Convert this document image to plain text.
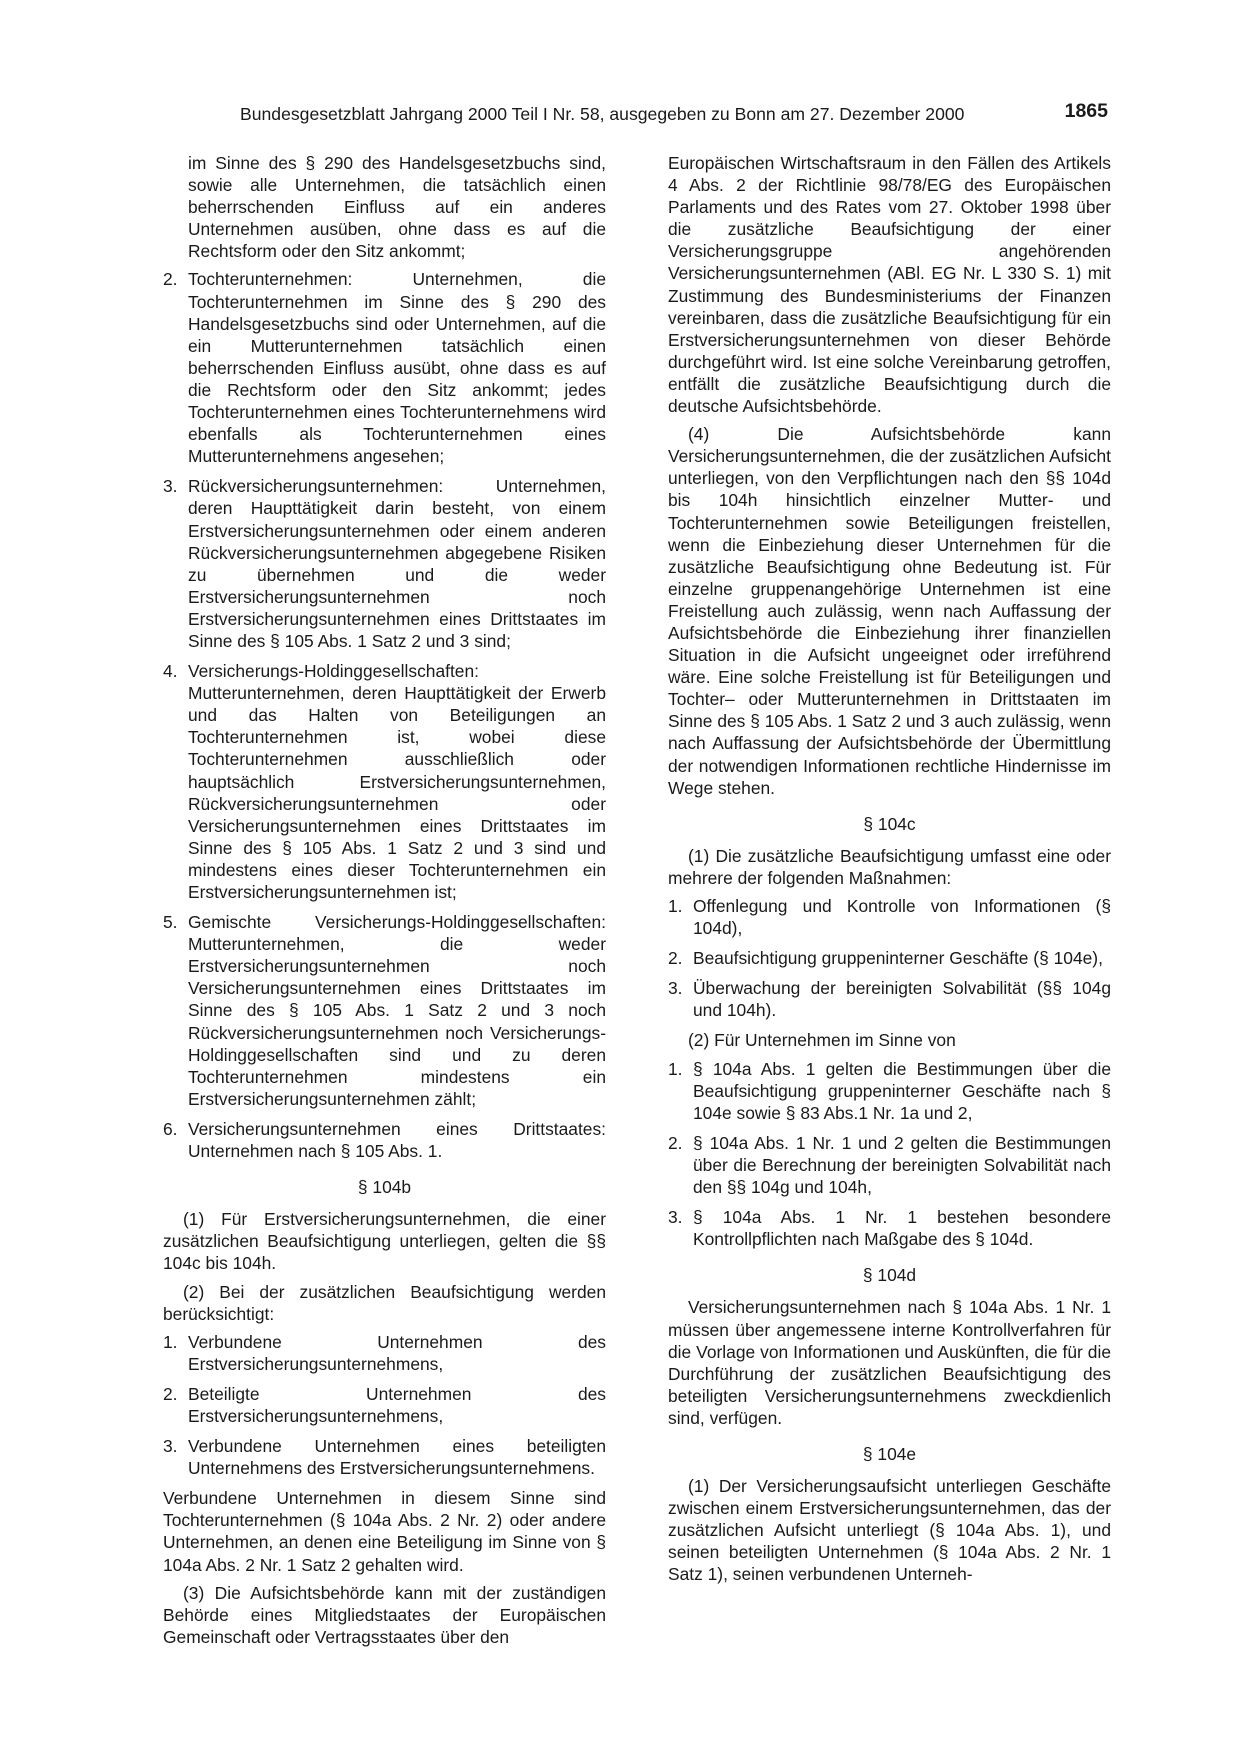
Bundesgesetzblatt Jahrgang 2000 Teil I Nr. 58, ausgegeben zu Bonn am 27. Dezember 2000	1865

im Sinne des § 290 des Handelsgesetzbuchs sind, sowie alle Unternehmen, die tatsächlich einen beherrschenden Einfluss auf ein anderes Unternehmen ausüben, ohne dass es auf die Rechtsform oder den Sitz ankommt;

2. Tochterunternehmen: Unternehmen, die Tochterunternehmen im Sinne des § 290 des Handelsgesetzbuchs sind oder Unternehmen, auf die ein Mutterunternehmen tatsächlich einen beherrschenden Einfluss ausübt, ohne dass es auf die Rechtsform oder den Sitz ankommt; jedes Tochterunternehmen eines Tochterunternehmens wird ebenfalls als Tochterunternehmen eines Mutterunternehmens angesehen;
3. Rückversicherungsunternehmen: Unternehmen, deren Haupttätigkeit darin besteht, von einem Erstversicherungsunternehmen oder einem anderen Rückversicherungsunternehmen abgegebene Risiken zu übernehmen und die weder Erstversicherungsunternehmen noch Erstversicherungsunternehmen eines Drittstaates im Sinne des § 105 Abs. 1 Satz 2 und 3 sind;
4. Versicherungs-Holdinggesellschaften: Mutterunternehmen, deren Haupttätigkeit der Erwerb und das Halten von Beteiligungen an Tochterunternehmen ist, wobei diese Tochterunternehmen ausschließlich oder hauptsächlich Erstversicherungsunternehmen, Rückversicherungsunternehmen oder Versicherungsunternehmen eines Drittstaates im Sinne des § 105 Abs. 1 Satz 2 und 3 sind und mindestens eines dieser Tochterunternehmen ein Erstversicherungsunternehmen ist;
5. Gemischte Versicherungs-Holdinggesellschaften: Mutterunternehmen, die weder Erstversicherungsunternehmen noch Versicherungsunternehmen eines Drittstaates im Sinne des § 105 Abs. 1 Satz 2 und 3 noch Rückversicherungsunternehmen noch Versicherungs-Holdinggesellschaften sind und zu deren Tochterunternehmen mindestens ein Erstversicherungsunternehmen zählt;
6. Versicherungsunternehmen eines Drittstaates: Unternehmen nach § 105 Abs. 1.
§ 104b

(1) Für Erstversicherungsunternehmen, die einer zusätzlichen Beaufsichtigung unterliegen, gelten die §§ 104c bis 104h.

(2) Bei der zusätzlichen Beaufsichtigung werden berücksichtigt:

1. Verbundene Unternehmen des Erstversicherungsunternehmens,
2. Beteiligte Unternehmen des Erstversicherungsunternehmens,
3. Verbundene Unternehmen eines beteiligten Unternehmens des Erstversicherungsunternehmens.

Verbundene Unternehmen in diesem Sinne sind Tochterunternehmen (§ 104a Abs. 2 Nr. 2) oder andere Unternehmen, an denen eine Beteiligung im Sinne von § 104a Abs. 2 Nr. 1 Satz 2 gehalten wird.

(3) Die Aufsichtsbehörde kann mit der zuständigen Behörde eines Mitgliedstaates der Europäischen Gemeinschaft oder Vertragsstaates über den

Europäischen Wirtschaftsraum in den Fällen des Artikels 4 Abs. 2 der Richtlinie 98/78/EG des Europäischen Parlaments und des Rates vom 27. Oktober 1998 über die zusätzliche Beaufsichtigung der einer Versicherungsgruppe angehörenden Versicherungsunternehmen (ABl. EG Nr. L 330 S. 1) mit Zustimmung des Bundesministeriums der Finanzen vereinbaren, dass die zusätzliche Beaufsichtigung für ein Erstversicherungsunternehmen von dieser Behörde durchgeführt wird. Ist eine solche Vereinbarung getroffen, entfällt die zusätzliche Beaufsichtigung durch die deutsche Aufsichtsbehörde.

(4) Die Aufsichtsbehörde kann Versicherungsunternehmen, die der zusätzlichen Aufsicht unterliegen, von den Verpflichtungen nach den §§ 104d bis 104h hinsichtlich einzelner Mutter- und Tochterunternehmen sowie Beteiligungen freistellen, wenn die Einbeziehung dieser Unternehmen für die zusätzliche Beaufsichtigung ohne Bedeutung ist. Für einzelne gruppenangehörige Unternehmen ist eine Freistellung auch zulässig, wenn nach Auffassung der Aufsichtsbehörde die Einbeziehung ihrer finanziellen Situation in die Aufsicht ungeeignet oder irreführend wäre. Eine solche Freistellung ist für Beteiligungen und Tochter– oder Mutterunternehmen in Drittstaaten im Sinne des § 105 Abs. 1 Satz 2 und 3 auch zulässig, wenn nach Auffassung der Aufsichtsbehörde der Übermittlung der notwendigen Informationen rechtliche Hindernisse im Wege stehen.

§ 104c

(1) Die zusätzliche Beaufsichtigung umfasst eine oder mehrere der folgenden Maßnahmen:

1. Offenlegung und Kontrolle von Informationen (§ 104d),
2. Beaufsichtigung gruppeninterner Geschäfte (§ 104e),
3. Überwachung der bereinigten Solvabilität (§§ 104g und 104h).

(2) Für Unternehmen im Sinne von

1. § 104a Abs. 1 gelten die Bestimmungen über die Beaufsichtigung gruppeninterner Geschäfte nach § 104e sowie § 83 Abs.1 Nr. 1a und 2,
2. § 104a Abs. 1 Nr. 1 und 2 gelten die Bestimmungen über die Berechnung der bereinigten Solvabilität nach den §§ 104g und 104h,
3. § 104a Abs. 1 Nr. 1 bestehen besondere Kontrollpflichten nach Maßgabe des § 104d.
§ 104d

Versicherungsunternehmen nach § 104a Abs. 1 Nr. 1 müssen über angemessene interne Kontrollverfahren für die Vorlage von Informationen und Auskünften, die für die Durchführung der zusätzlichen Beaufsichtigung des beteiligten Versicherungsunternehmens zweckdienlich sind, verfügen.

§ 104e

(1) Der Versicherungsaufsicht unterliegen Geschäfte zwischen einem Erstversicherungsunternehmen, das der zusätzlichen Aufsicht unterliegt (§ 104a Abs. 1), und seinen beteiligten Unternehmen (§ 104a Abs. 2 Nr. 1 Satz 1), seinen verbundenen Unterneh-
